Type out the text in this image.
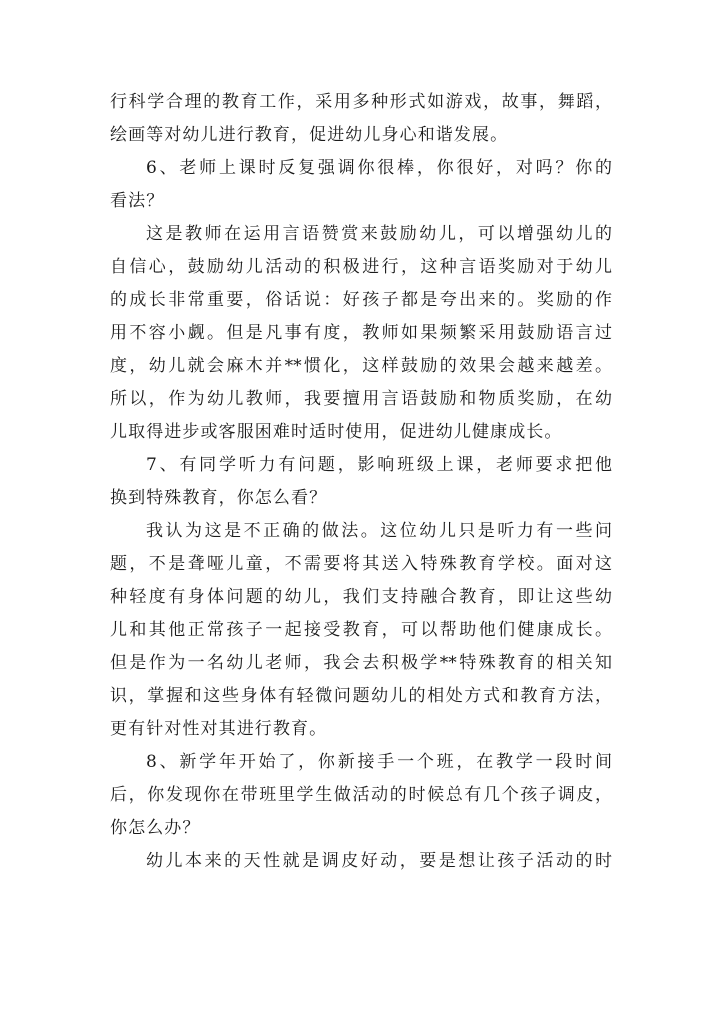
行科学合理的教育工作，采用多种形式如游戏，故事，舞蹈，
绘画等对幼儿进行教育，促进幼儿身心和谐发展。
6、老师上课时反复强调你很棒，你很好，对吗？你的
看法？
这是教师在运用言语赞赏来鼓励幼儿，可以增强幼儿的
自信心，鼓励幼儿活动的积极进行，这种言语奖励对于幼儿
的成长非常重要，俗话说：好孩子都是夸出来的。奖励的作
用不容小觑。但是凡事有度，教师如果频繁采用鼓励语言过
度，幼儿就会麻木并**惯化，这样鼓励的效果会越来越差。
所以，作为幼儿教师，我要擅用言语鼓励和物质奖励，在幼
儿取得进步或客服困难时适时使用，促进幼儿健康成长。
7、有同学听力有问题，影响班级上课，老师要求把他
换到特殊教育，你怎么看？
我认为这是不正确的做法。这位幼儿只是听力有一些问
题，不是聋哑儿童，不需要将其送入特殊教育学校。面对这
种轻度有身体问题的幼儿，我们支持融合教育，即让这些幼
儿和其他正常孩子一起接受教育，可以帮助他们健康成长。
但是作为一名幼儿老师，我会去积极学**特殊教育的相关知
识，掌握和这些身体有轻微问题幼儿的相处方式和教育方法，
更有针对性对其进行教育。
8、新学年开始了，你新接手一个班，在教学一段时间
后，你发现你在带班里学生做活动的时候总有几个孩子调皮，
你怎么办？
幼儿本来的天性就是调皮好动，要是想让孩子活动的时
